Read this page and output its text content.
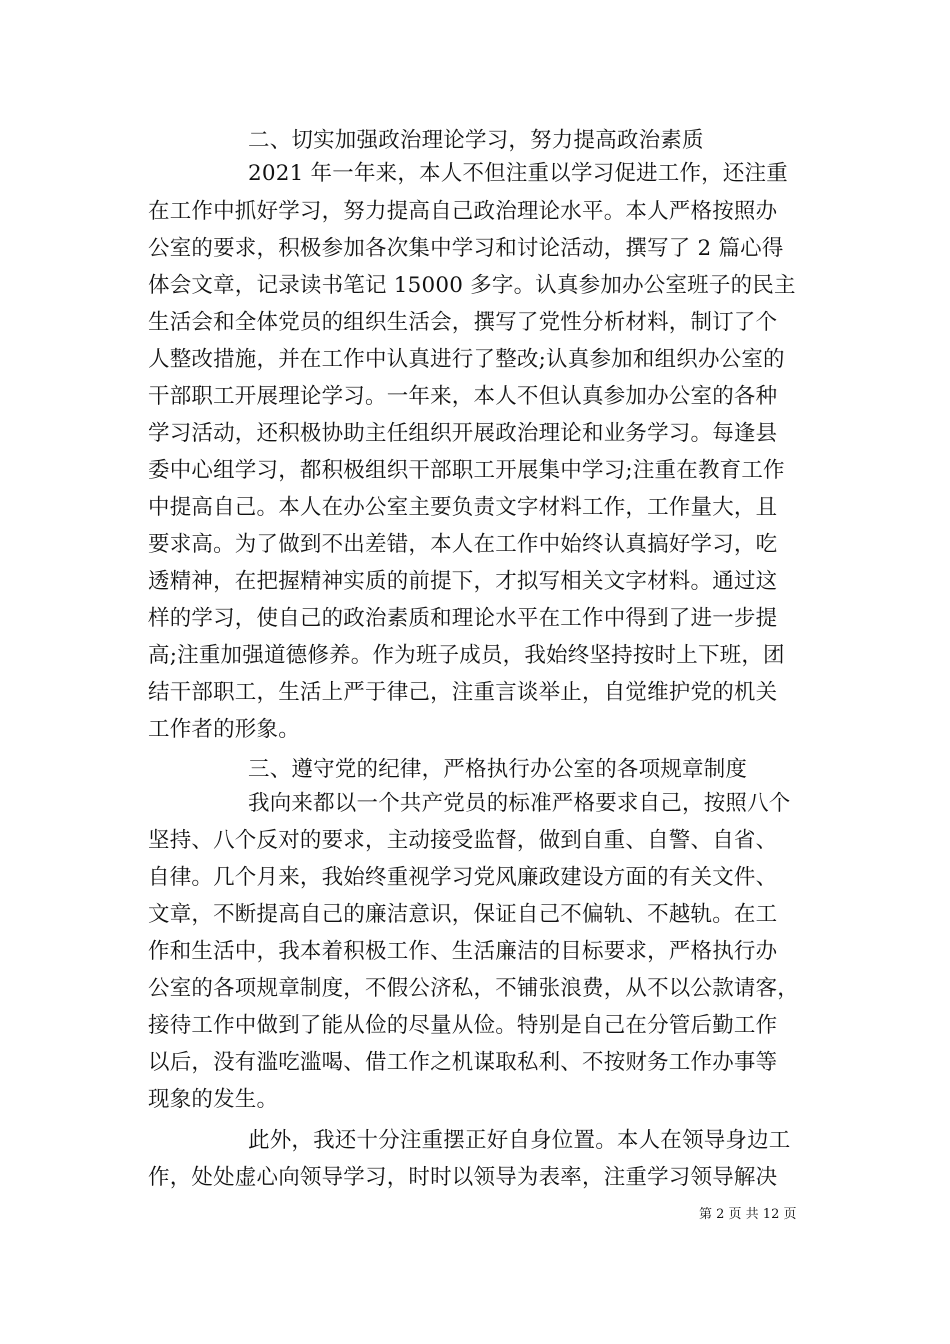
二、切实加强政治理论学习，努力提高政治素质
2021 年一年来，本人不但注重以学习促进工作，还注重
在工作中抓好学习，努力提高自己政治理论水平。本人严格按照办
公室的要求，积极参加各次集中学习和讨论活动，撰写了 2 篇心得
体会文章，记录读书笔记 15000 多字。认真参加办公室班子的民主
生活会和全体党员的组织生活会，撰写了党性分析材料，制订了个
人整改措施，并在工作中认真进行了整改;认真参加和组织办公室的
干部职工开展理论学习。一年来，本人不但认真参加办公室的各种
学习活动，还积极协助主任组织开展政治理论和业务学习。每逢县
委中心组学习，都积极组织干部职工开展集中学习;注重在教育工作
中提高自己。本人在办公室主要负责文字材料工作，工作量大，且
要求高。为了做到不出差错，本人在工作中始终认真搞好学习，吃
透精神，在把握精神实质的前提下，才拟写相关文字材料。通过这
样的学习，使自己的政治素质和理论水平在工作中得到了进一步提
高;注重加强道德修养。作为班子成员，我始终坚持按时上下班，团
结干部职工，生活上严于律己，注重言谈举止，自觉维护党的机关
工作者的形象。
三、遵守党的纪律，严格执行办公室的各项规章制度
我向来都以一个共产党员的标准严格要求自己，按照八个
坚持、八个反对的要求，主动接受监督，做到自重、自警、自省、
自律。几个月来，我始终重视学习党风廉政建设方面的有关文件、
文章，不断提高自己的廉洁意识，保证自己不偏轨、不越轨。在工
作和生活中，我本着积极工作、生活廉洁的目标要求，严格执行办
公室的各项规章制度，不假公济私，不铺张浪费，从不以公款请客，
接待工作中做到了能从俭的尽量从俭。特别是自己在分管后勤工作
以后，没有滥吃滥喝、借工作之机谋取私利、不按财务工作办事等
现象的发生。
此外，我还十分注重摆正好自身位置。本人在领导身边工
作，处处虚心向领导学习，时时以领导为表率，注重学习领导解决
第 2 页 共 12 页
